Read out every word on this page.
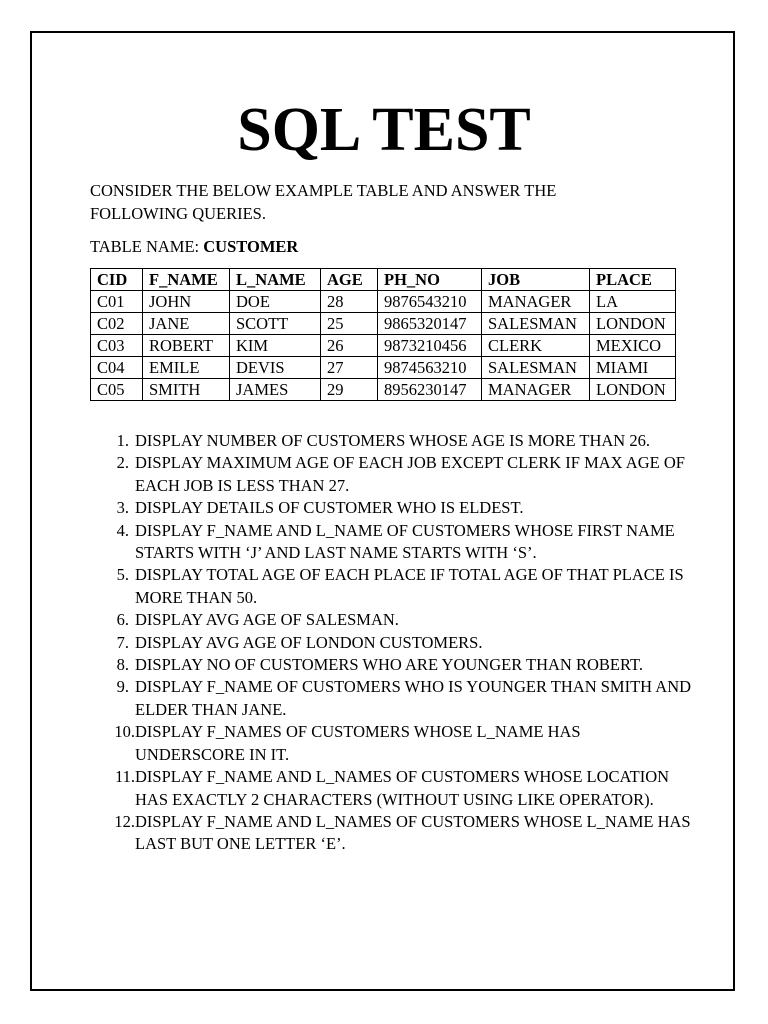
SQL TEST
CONSIDER THE BELOW EXAMPLE TABLE AND ANSWER THE FOLLOWING QUERIES.
TABLE NAME: CUSTOMER
CID	F_NAME	L_NAME	AGE	PH_NO	JOB	PLACE
C01	JOHN	DOE	28	9876543210	MANAGER	LA
C02	JANE	SCOTT	25	9865320147	SALESMAN	LONDON
C03	ROBERT	KIM	26	9873210456	CLERK	MEXICO
C04	EMILE	DEVIS	27	9874563210	SALESMAN	MIAMI
C05	SMITH	JAMES	29	8956230147	MANAGER	LONDON
1. DISPLAY NUMBER OF CUSTOMERS WHOSE AGE IS MORE THAN 26.
2. DISPLAY MAXIMUM AGE OF EACH JOB EXCEPT CLERK IF MAX AGE OF EACH JOB IS LESS THAN 27.
3. DISPLAY DETAILS OF CUSTOMER WHO IS ELDEST.
4. DISPLAY F_NAME AND L_NAME OF CUSTOMERS WHOSE FIRST NAME STARTS WITH ‘J’ AND LAST NAME STARTS WITH ‘S’.
5. DISPLAY TOTAL AGE OF EACH PLACE IF TOTAL AGE OF THAT PLACE IS MORE THAN 50.
6. DISPLAY AVG AGE OF SALESMAN.
7. DISPLAY AVG AGE OF LONDON CUSTOMERS.
8. DISPLAY NO OF CUSTOMERS WHO ARE YOUNGER THAN ROBERT.
9. DISPLAY F_NAME OF CUSTOMERS WHO IS YOUNGER THAN SMITH AND ELDER THAN JANE.
10. DISPLAY F_NAMES OF CUSTOMERS WHOSE L_NAME HAS UNDERSCORE IN IT.
11. DISPLAY F_NAME AND L_NAMES OF CUSTOMERS WHOSE LOCATION HAS EXACTLY 2 CHARACTERS (WITHOUT USING LIKE OPERATOR).
12. DISPLAY F_NAME AND L_NAMES OF CUSTOMERS WHOSE L_NAME HAS LAST BUT ONE LETTER ‘E’.
